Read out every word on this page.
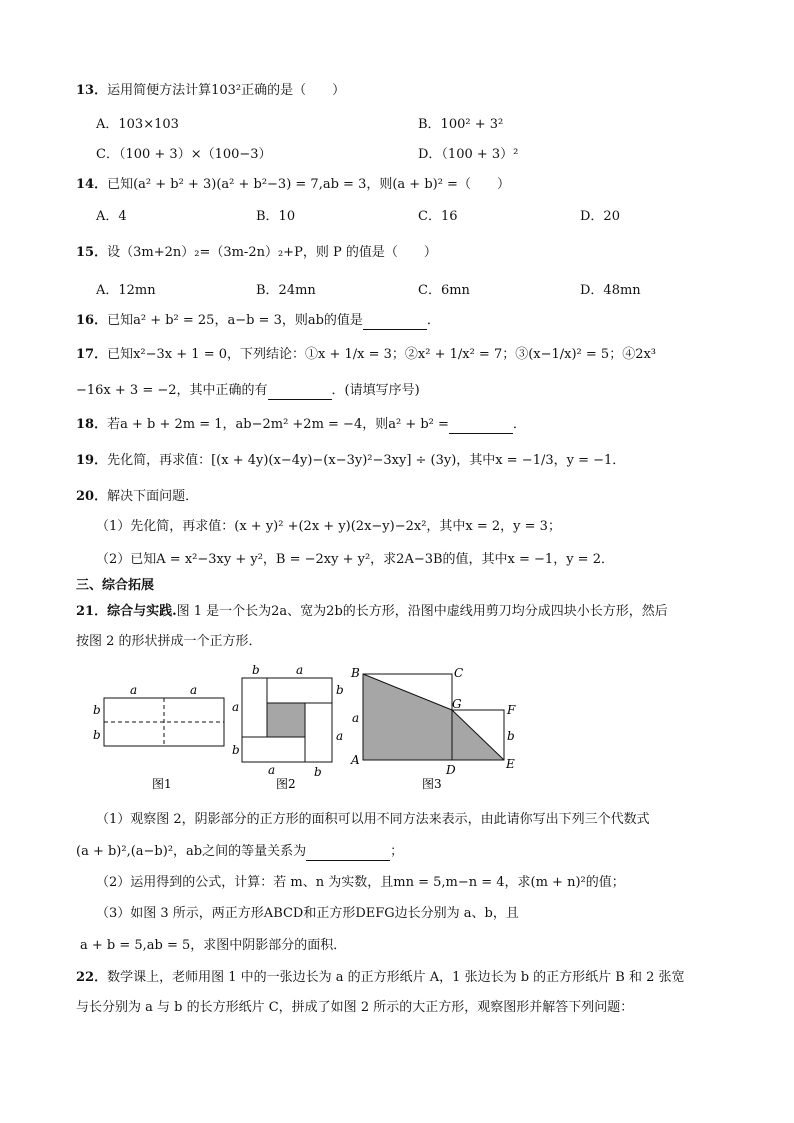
13．运用简便方法计算103²正确的是（　　）
A．103×103	B．100² + 3²
C．（100 + 3）×（100−3）	D．（100 + 3）²
14．已知(a² + b² + 3)(a² + b²−3) = 7,ab = 3，则(a + b)² =（　　）
A．4	B．10	C．16	D．20
15．设（3m+2n）₂=（3m-2n）₂+P，则 P 的值是（　　）
A．12mn	B．24mn	C．6mn	D．48mn
16．已知a² + b² = 25，a−b = 3，则ab的值是	．
17．已知x²−3x + 1 = 0，下列结论：①x + 1/x = 3；②x² + 1/x² = 7；③(x−1/x)² = 5；④2x³
−16x + 3 = −2，其中正确的有	．(请填写序号)
18．若a + b + 2m = 1，ab−2m² +2m = −4，则a² + b² =	．
19．先化简，再求值：[(x + 4y)(x−4y)−(x−3y)²−3xy] ÷ (3y)，其中x = −1/3，y = −1．
20．解决下面问题．
（1）先化简，再求值：(x + y)² +(2x + y)(2x−y)−2x²，其中x = 2，y = 3；
（2）已知A = x²−3xy + y²，B = −2xy + y²，求2A−3B的值，其中x = −1，y = 2．
三、综合拓展
21．综合与实践.图 1 是一个长为2a、宽为2b的长方形，沿图中虚线用剪刀均分成四块小长方形，然后
按图 2 的形状拼成一个正方形．
a	a
b
b
图1
b	a
a
b
a
b
a	b
图2
B	C
G	F
A
D	E
a
b
图3
（1）观察图 2，阴影部分的正方形的面积可以用不同方法来表示，由此请你写出下列三个代数式
(a + b)²,(a−b)²，ab之间的等量关系为	；
（2）运用得到的公式，计算：若 m、n 为实数，且mn = 5,m−n = 4，求(m + n)²的值；
（3）如图 3 所示，两正方形ABCD和正方形DEFG边长分别为 a、b，且
a + b = 5,ab = 5，求图中阴影部分的面积．
22．数学课上，老师用图 1 中的一张边长为 a 的正方形纸片 A，1 张边长为 b 的正方形纸片 B 和 2 张宽
与长分别为 a 与 b 的长方形纸片 C，拼成了如图 2 所示的大正方形，观察图形并解答下列问题：
